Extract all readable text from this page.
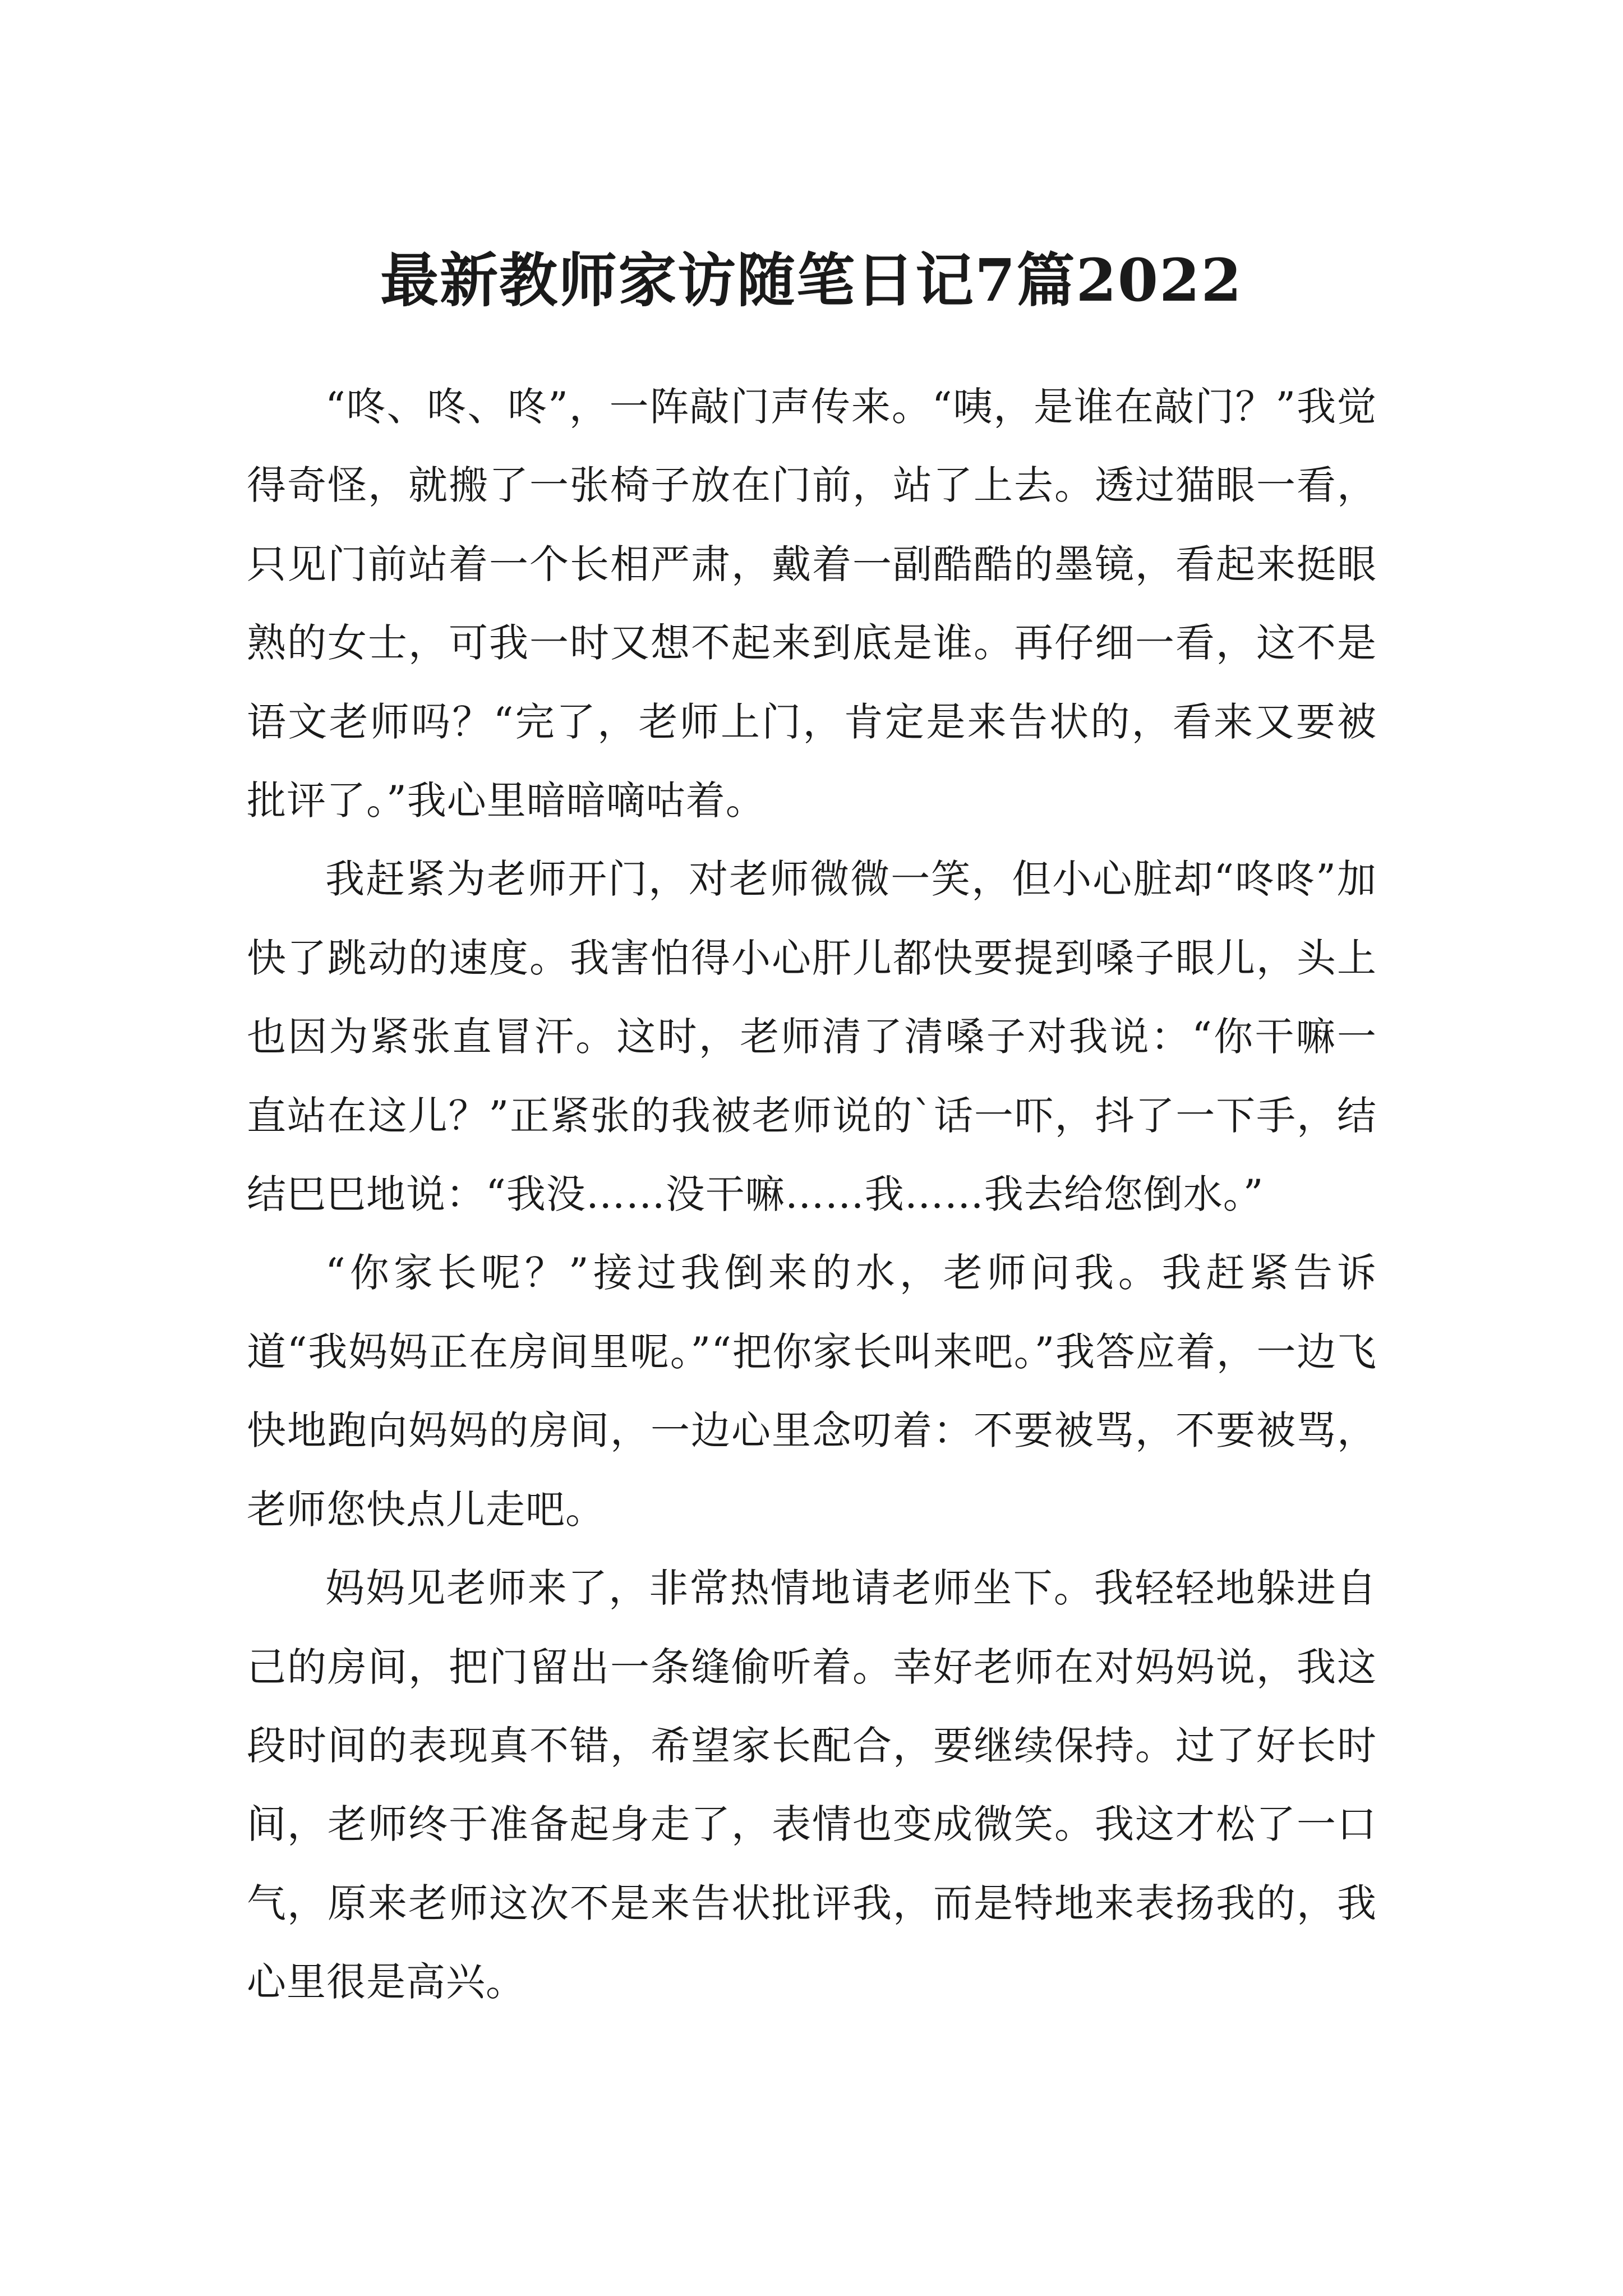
最新教师家访随笔日记7篇2022

“咚、咚、咚”，一阵敲门声传来。“咦，是谁在敲门？”我觉得奇怪，就搬了一张椅子放在门前，站了上去。透过猫眼一看，只见门前站着一个长相严肃，戴着一副酷酷的墨镜，看起来挺眼熟的女士，可我一时又想不起来到底是谁。再仔细一看，这不是语文老师吗？“完了，老师上门，肯定是来告状的，看来又要被批评了。”我心里暗暗嘀咕着。

我赶紧为老师开门，对老师微微一笑，但小心脏却“咚咚”加快了跳动的速度。我害怕得小心肝儿都快要提到嗓子眼儿，头上也因为紧张直冒汗。这时，老师清了清嗓子对我说：“你干嘛一直站在这儿？”正紧张的我被老师说的`话一吓，抖了一下手，结结巴巴地说：“我没……没干嘛……我……我去给您倒水。”

“你家长呢？”接过我倒来的水，老师问我。我赶紧告诉道“我妈妈正在房间里呢。”“把你家长叫来吧。”我答应着，一边飞快地跑向妈妈的房间，一边心里念叨着：不要被骂，不要被骂，老师您快点儿走吧。

妈妈见老师来了，非常热情地请老师坐下。我轻轻地躲进自己的房间，把门留出一条缝偷听着。幸好老师在对妈妈说，我这段时间的表现真不错，希望家长配合，要继续保持。过了好长时间，老师终于准备起身走了，表情也变成微笑。我这才松了一口气，原来老师这次不是来告状批评我，而是特地来表扬我的，我心里很是高兴。
